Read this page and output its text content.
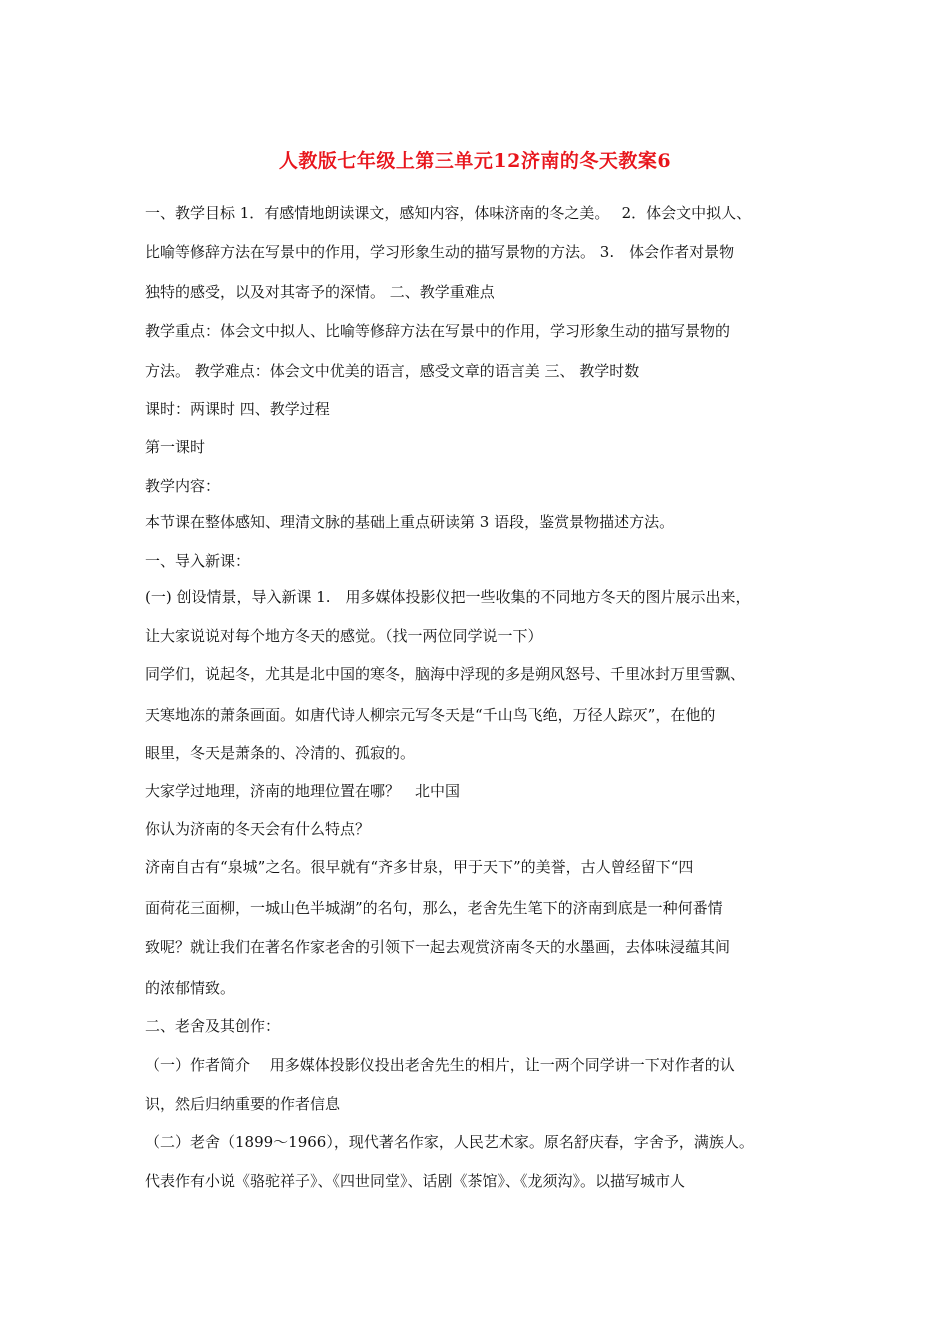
人教版七年级上第三单元12济南的冬天教案6
一、教学目标 1．有感情地朗读课文，感知内容，体味济南的冬之美。　 2．体会文中拟人、
比喻等修辞方法在写景中的作用，学习形象生动的描写景物的方法。 3.　体会作者对景物
独特的感受，以及对其寄予的深情。 二、教学重难点
教学重点：体会文中拟人、比喻等修辞方法在写景中的作用，学习形象生动的描写景物的
方法。 教学难点：体会文中优美的语言，感受文章的语言美 三、 教学时数
课时：两课时 四、教学过程
第一课时
教学内容：
本节课在整体感知、理清文脉的基础上重点研读第 3 语段，鉴赏景物描述方法。
一、导入新课：
(一) 创设情景，导入新课 1.　用多媒体投影仪把一些收集的不同地方冬天的图片展示出来，
让大家说说对每个地方冬天的感觉。（找一两位同学说一下）
同学们，说起冬，尤其是北中国的寒冬，脑海中浮现的多是朔风怒号、千里冰封万里雪飘、
天寒地冻的萧条画面。如唐代诗人柳宗元写冬天是“千山鸟飞绝，万径人踪灭”，在他的
眼里，冬天是萧条的、冷清的、孤寂的。
大家学过地理，济南的地理位置在哪？　北中国
你认为济南的冬天会有什么特点？
济南自古有“泉城”之名。很早就有“齐多甘泉，甲于天下”的美誉，古人曾经留下“四
面荷花三面柳，一城山色半城湖”的名句，那么，老舍先生笔下的济南到底是一种何番情
致呢？就让我们在著名作家老舍的引领下一起去观赏济南冬天的水墨画，去体味浸蕴其间
的浓郁情致。
二、老舍及其创作：
（一）作者简介　 用多媒体投影仪投出老舍先生的相片，让一两个同学讲一下对作者的认
识，然后归纳重要的作者信息
（二）老舍（1899～1966），现代著名作家，人民艺术家。原名舒庆春，字舍予，满族人。
代表作有小说《骆驼祥子》、《四世同堂》、话剧《茶馆》、《龙须沟》。以描写城市人
